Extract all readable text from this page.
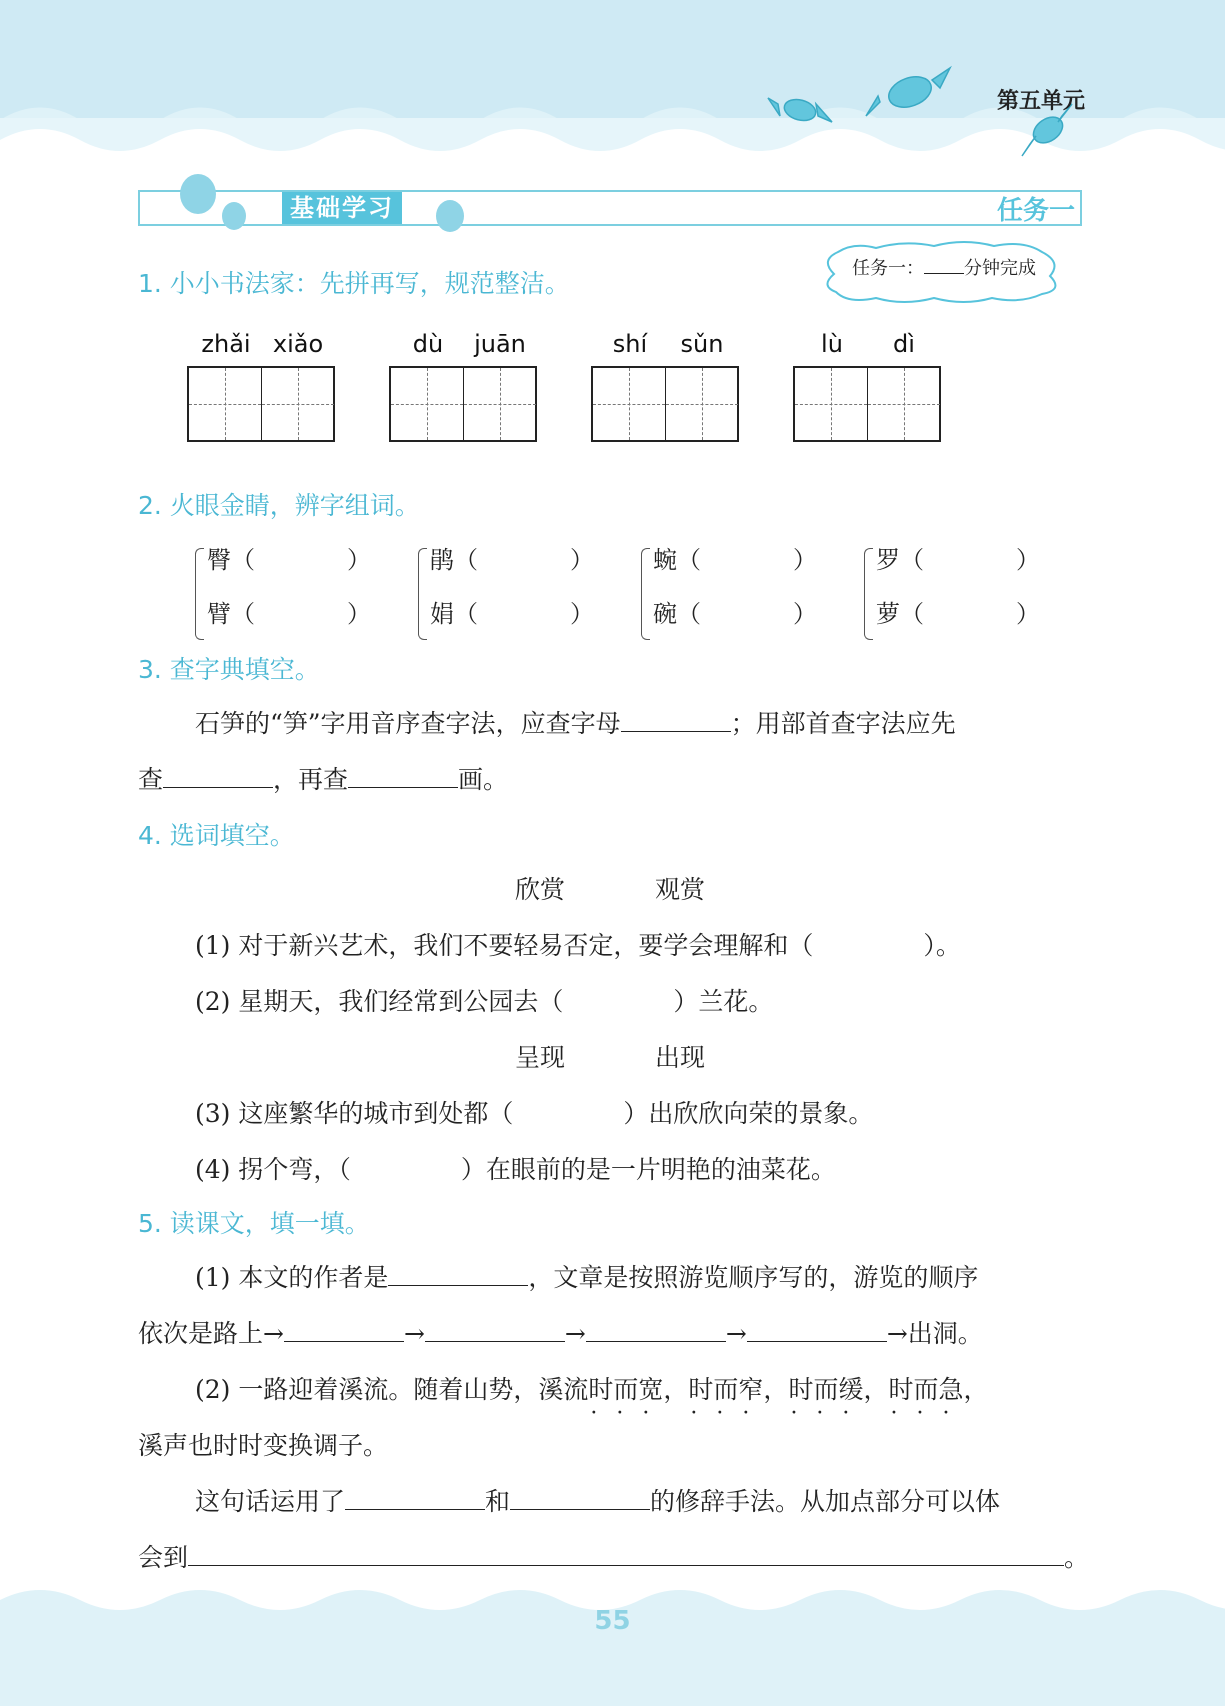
第五单元
基础学习	任务一
任务一： 分钟完成
1. 小小书法家：先拼再写，规范整洁。
zhǎi xiǎo	dù juān	shí sǔn	lù dì
2. 火眼金睛，辨字组词。
臀（	）
臂（	）
鹃（	）
娟（	）
蜿（	）
碗（	）
罗（	）
萝（	）
3. 查字典填空。
石笋的“笋”字用音序查字法，应查字母	；用部首查字法应先
查	，再查	画。
4. 选词填空。
欣赏	观赏
(1) 对于新兴艺术，我们不要轻易否定，要学会理解和（	）。
(2) 星期天，我们经常到公园去（	）兰花。
呈现	出现
(3) 这座繁华的城市到处都（	）出欣欣向荣的景象。
(4) 拐个弯，（	）在眼前的是一片明艳的油菜花。
5. 读课文，填一填。
(1) 本文的作者是	，文章是按照游览顺序写的，游览的顺序
依次是路上→	→	→	→	→出洞。
(2) 一路迎着溪流。随着山势，溪流时而宽 · · · ，时而窄 · · · ，时而缓 · · · ，时而急 · · · ，
溪声也时时变换调子。
这句话运用了	和	的修辞手法。从加点部分可以体
会到	。
55
